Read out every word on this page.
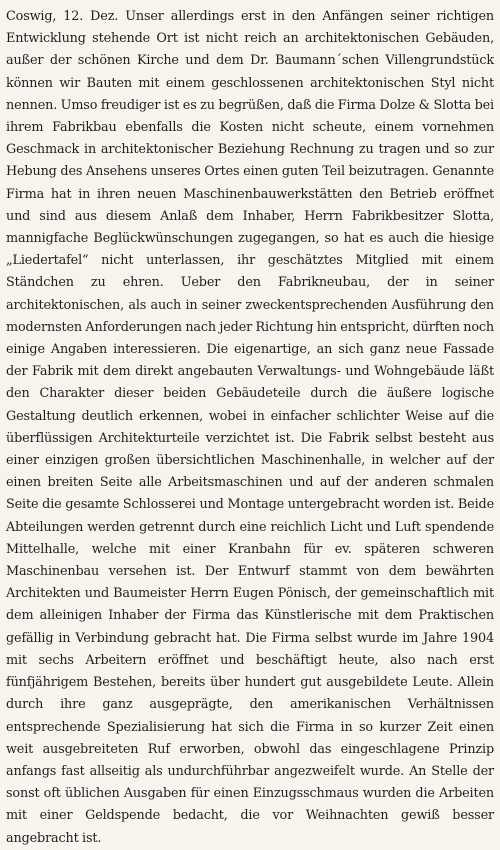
Coswig, 12. Dez. Unser allerdings erst in den Anfängen seiner richtigen Entwicklung stehende Ort ist nicht reich an architektonischen Gebäuden, außer der schönen Kirche und dem Dr. Baumann´schen Villengrundstück können wir Bauten mit einem geschlossenen architektonischen Styl nicht nennen. Umso freudiger ist es zu begrüßen, daß die Firma Dolze & Slotta bei ihrem Fabrikbau ebenfalls die Kosten nicht scheute, einem vornehmen Geschmack in architektonischer Beziehung Rechnung zu tragen und so zur Hebung des Ansehens unseres Ortes einen guten Teil beizutragen. Genannte Firma hat in ihren neuen Maschinenbauwerkstätten den Betrieb eröffnet und sind aus diesem Anlaß dem Inhaber, Herrn Fabrikbesitzer Slotta, mannigfache Beglückwünschungen zugegangen, so hat es auch die hiesige „Liedertafel“ nicht unterlassen, ihr geschätztes Mitglied mit einem Ständchen zu ehren. Ueber den Fabrikneubau, der in seiner architektonischen, als auch in seiner zweckentsprechenden Ausführung den modernsten Anforderungen nach jeder Richtung hin entspricht, dürften noch einige Angaben interessieren. Die eigenartige, an sich ganz neue Fassade der Fabrik mit dem direkt angebauten Verwaltungs- und Wohngebäude läßt den Charakter dieser beiden Gebäudeteile durch die äußere logische Gestaltung deutlich erkennen, wobei in einfacher schlichter Weise auf die überflüssigen Architekturteile verzichtet ist. Die Fabrik selbst besteht aus einer einzigen großen übersichtlichen Maschinenhalle, in welcher auf der einen breiten Seite alle Arbeitsmaschinen und auf der anderen schmalen Seite die gesamte Schlosserei und Montage untergebracht worden ist. Beide Abteilungen werden getrennt durch eine reichlich Licht und Luft spendende Mittelhalle, welche mit einer Kranbahn für ev. späteren schweren Maschinenbau versehen ist. Der Entwurf stammt von dem bewährten Architekten und Baumeister Herrn Eugen Pönisch, der gemeinschaftlich mit dem alleinigen Inhaber der Firma das Künstlerische mit dem Praktischen gefällig in Verbindung gebracht hat. Die Firma selbst wurde im Jahre 1904 mit sechs Arbeitern eröffnet und beschäftigt heute, also nach erst fünfjährigem Bestehen, bereits über hundert gut ausgebildete Leute. Allein durch ihre ganz ausgeprägte, den amerikanischen Verhältnissen entsprechende Spezialisierung hat sich die Firma in so kurzer Zeit einen weit ausgebreiteten Ruf erworben, obwohl das eingeschlagene Prinzip anfangs fast allseitig als undurchführbar angezweifelt wurde. An Stelle der sonst oft üblichen Ausgaben für einen Einzugsschmaus wurden die Arbeiten mit einer Geldspende bedacht, die vor Weihnachten gewiß besser angebracht ist.
